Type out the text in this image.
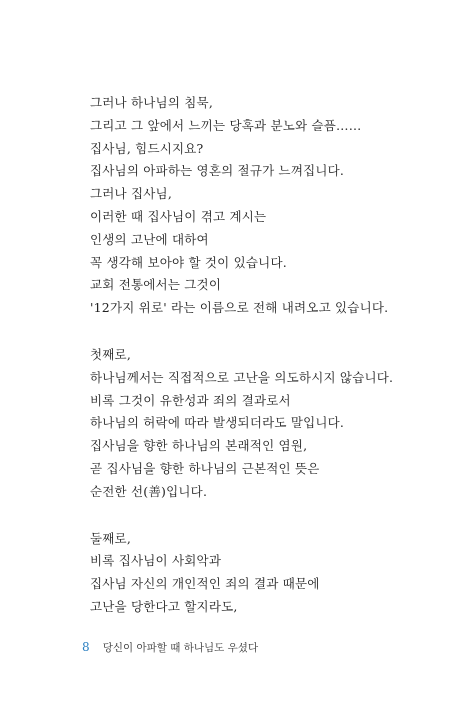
그러나 하나님의 침묵,
그리고 그 앞에서 느끼는 당혹과 분노와 슬픔……
집사님, 힘드시지요?
집사님의 아파하는 영혼의 절규가 느껴집니다.
그러나 집사님,
이러한 때 집사님이 겪고 계시는
인생의 고난에 대하여
꼭 생각해 보아야 할 것이 있습니다.
교회 전통에서는 그것이
'12가지 위로' 라는 이름으로 전해 내려오고 있습니다.
첫째로,
하나님께서는 직접적으로 고난을 의도하시지 않습니다.
비록 그것이 유한성과 죄의 결과로서
하나님의 허락에 따라 발생되더라도 말입니다.
집사님을 향한 하나님의 본래적인 염원,
곧 집사님을 향한 하나님의 근본적인 뜻은
순전한 선(善)입니다.
둘째로,
비록 집사님이 사회악과
집사님 자신의 개인적인 죄의 결과 때문에
고난을 당한다고 할지라도,
8 당신이 아파할 때 하나님도 우셨다
